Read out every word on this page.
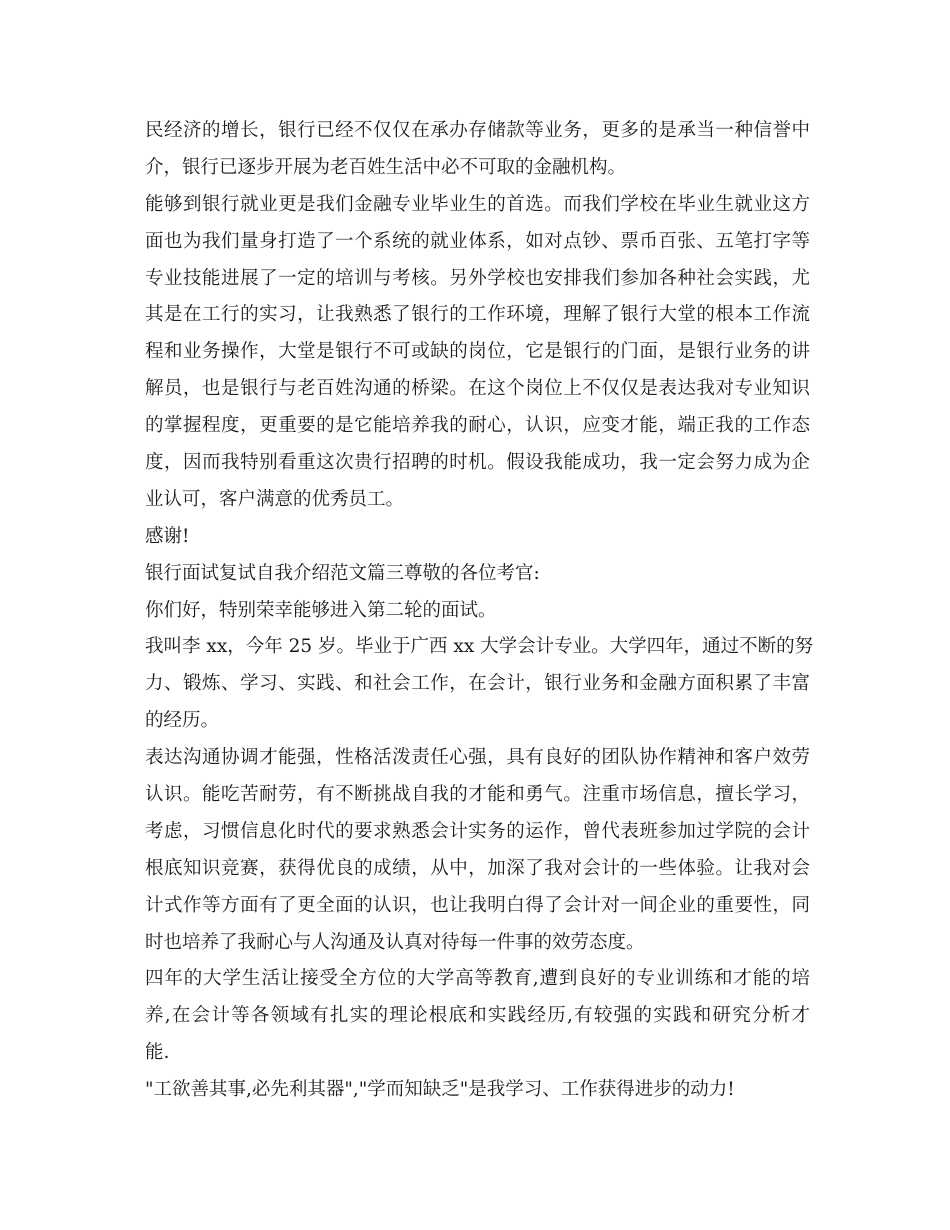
民经济的增长，银行已经不仅仅在承办存储款等业务，更多的是承当一种信誉中
介，银行已逐步开展为老百姓生活中必不可取的金融机构。
能够到银行就业更是我们金融专业毕业生的首选。而我们学校在毕业生就业这方
面也为我们量身打造了一个系统的就业体系，如对点钞、票币百张、五笔打字等
专业技能进展了一定的培训与考核。另外学校也安排我们参加各种社会实践，尤
其是在工行的实习，让我熟悉了银行的工作环境，理解了银行大堂的根本工作流
程和业务操作，大堂是银行不可或缺的岗位，它是银行的门面，是银行业务的讲
解员，也是银行与老百姓沟通的桥梁。在这个岗位上不仅仅是表达我对专业知识
的掌握程度，更重要的是它能培养我的耐心，认识，应变才能，端正我的工作态
度，因而我特别看重这次贵行招聘的时机。假设我能成功，我一定会努力成为企
业认可，客户满意的优秀员工。
感谢!
银行面试复试自我介绍范文篇三尊敬的各位考官:
你们好，特别荣幸能够进入第二轮的面试。
我叫李 xx，今年 25 岁。毕业于广西 xx 大学会计专业。大学四年，通过不断的努
力、锻炼、学习、实践、和社会工作，在会计，银行业务和金融方面积累了丰富
的经历。
表达沟通协调才能强，性格活泼责任心强，具有良好的团队协作精神和客户效劳
认识。能吃苦耐劳，有不断挑战自我的才能和勇气。注重市场信息，擅长学习，
考虑，习惯信息化时代的要求熟悉会计实务的运作，曾代表班参加过学院的会计
根底知识竞赛，获得优良的成绩，从中，加深了我对会计的一些体验。让我对会
计式作等方面有了更全面的认识，也让我明白得了会计对一间企业的重要性，同
时也培养了我耐心与人沟通及认真对待每一件事的效劳态度。
四年的大学生活让接受全方位的大学高等教育,遭到良好的专业训练和才能的培
养,在会计等各领域有扎实的理论根底和实践经历,有较强的实践和研究分析才
能.
"工欲善其事,必先利其器","学而知缺乏"是我学习、工作获得进步的动力!
